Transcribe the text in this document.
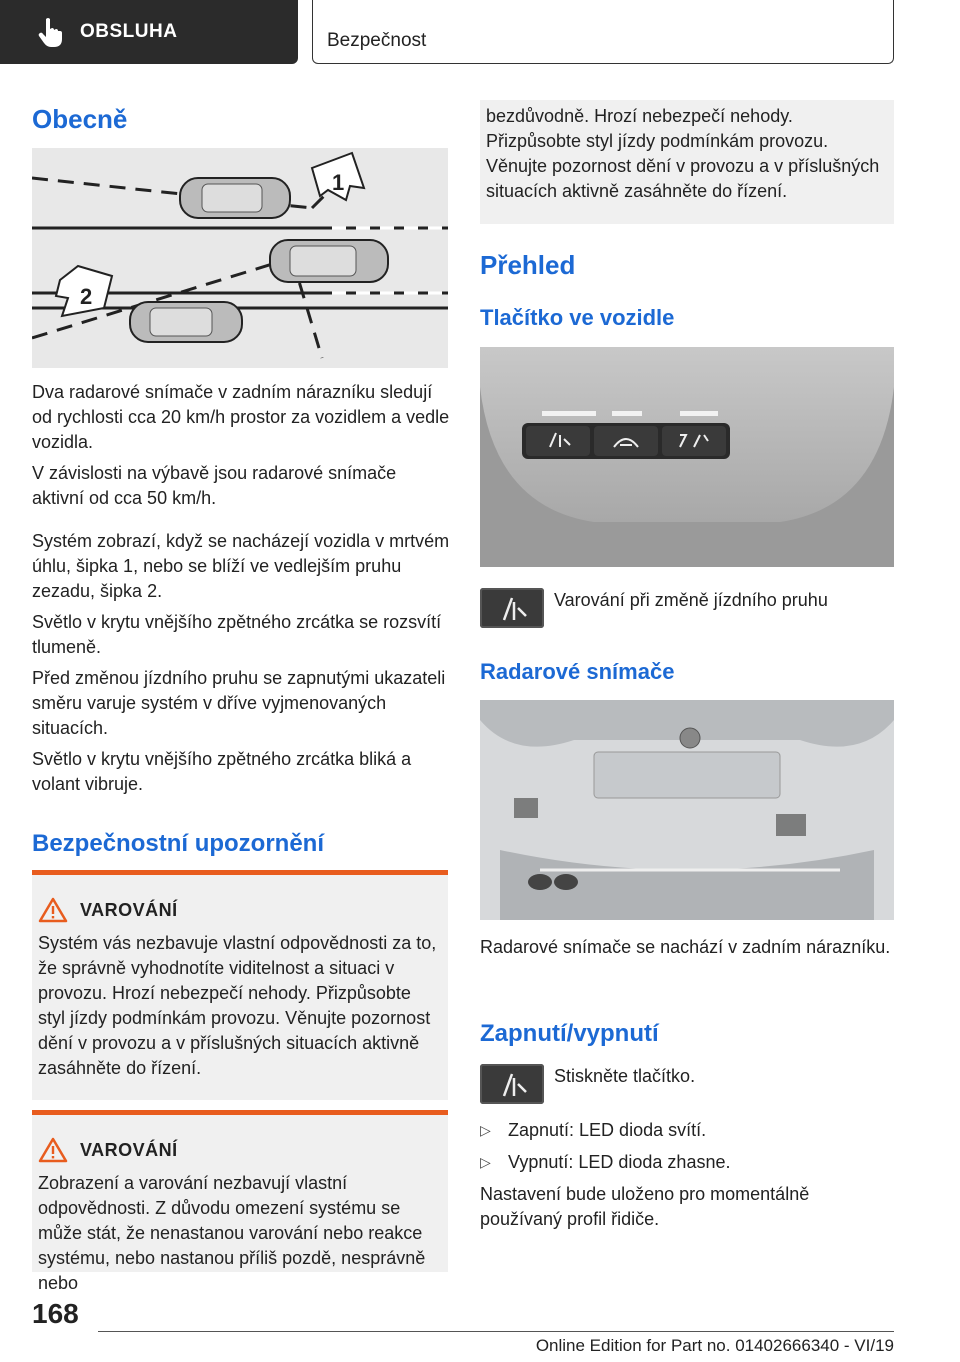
OBSLUHA	Bezpečnost
Obecně
1
2

Dva radarové snímače v zadním nárazníku sledují od rychlosti cca 20 km/h prostor za vozidlem a vedle vozidla.

V závislosti na výbavě jsou radarové snímače aktivní od cca 50 km/h.

Systém zobrazí, když se nacházejí vozidla v mrtvém úhlu, šipka 1, nebo se blíží ve vedlejším pruhu zezadu, šipka 2.

Světlo v krytu vnějšího zpětného zrcátka se rozsvítí tlumeně.

Před změnou jízdního pruhu se zapnutými ukazateli směru varuje systém v dříve vyjmenovaných situacích.

Světlo v krytu vnějšího zpětného zrcátka bliká a volant vibruje.

Bezpečnostní upozornění
VAROVÁNÍ
Systém vás nezbavuje vlastní odpovědnosti za to, že správně vyhodnotíte viditelnost a situaci v provozu. Hrozí nebezpečí nehody. Přizpůsobte styl jízdy podmínkám provozu. Věnujte pozornost dění v provozu a v příslušných situacích aktivně zasáhněte do řízení.
VAROVÁNÍ
Zobrazení a varování nezbavují vlastní odpovědnosti. Z důvodu omezení systému se může stát, že nenastanou varování nebo reakce systému, nebo nastanou příliš pozdě, nesprávně nebo
bezdůvodně. Hrozí nebezpečí nehody. Přizpůsobte styl jízdy podmínkám provozu. Věnujte pozornost dění v provozu a v příslušných situacích aktivně zasáhněte do řízení.
Přehled
Tlačítko ve vozidle
Varování při změně jízdního pruhu
Radarové snímače
Radarové snímače se nachází v zadním nárazníku.
Zapnutí/vypnutí
Stiskněte tlačítko.
▷ Zapnutí: LED dioda svítí.
▷ Vypnutí: LED dioda zhasne.
Nastavení bude uloženo pro momentálně používaný profil řidiče.
168
Online Edition for Part no. 01402666340 - VI/19
